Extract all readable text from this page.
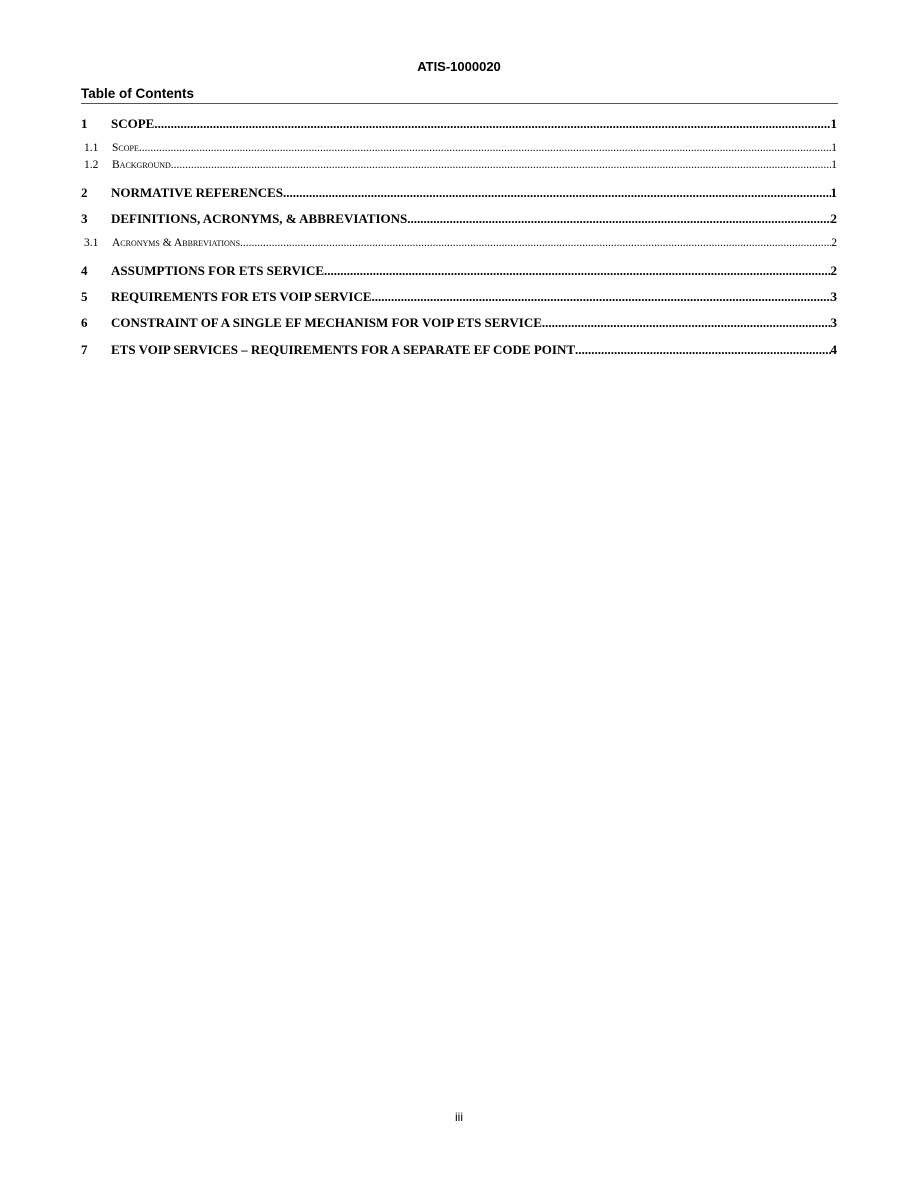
ATIS-1000020
Table of Contents
1	SCOPE .....	1
1.1	Scope .....	1
1.2	Background .....	1
2	NORMATIVE REFERENCES .....	1
3	DEFINITIONS, ACRONYMS, & ABBREVIATIONS .....	2
3.1	Acronyms & Abbreviations .....	2
4	ASSUMPTIONS FOR ETS SERVICE .....	2
5	REQUIREMENTS FOR ETS VOIP SERVICE .....	3
6	CONSTRAINT OF A SINGLE EF MECHANISM FOR VOIP ETS SERVICE .....	3
7	ETS VOIP SERVICES – REQUIREMENTS FOR A SEPARATE EF CODE POINT .....	4
iii
